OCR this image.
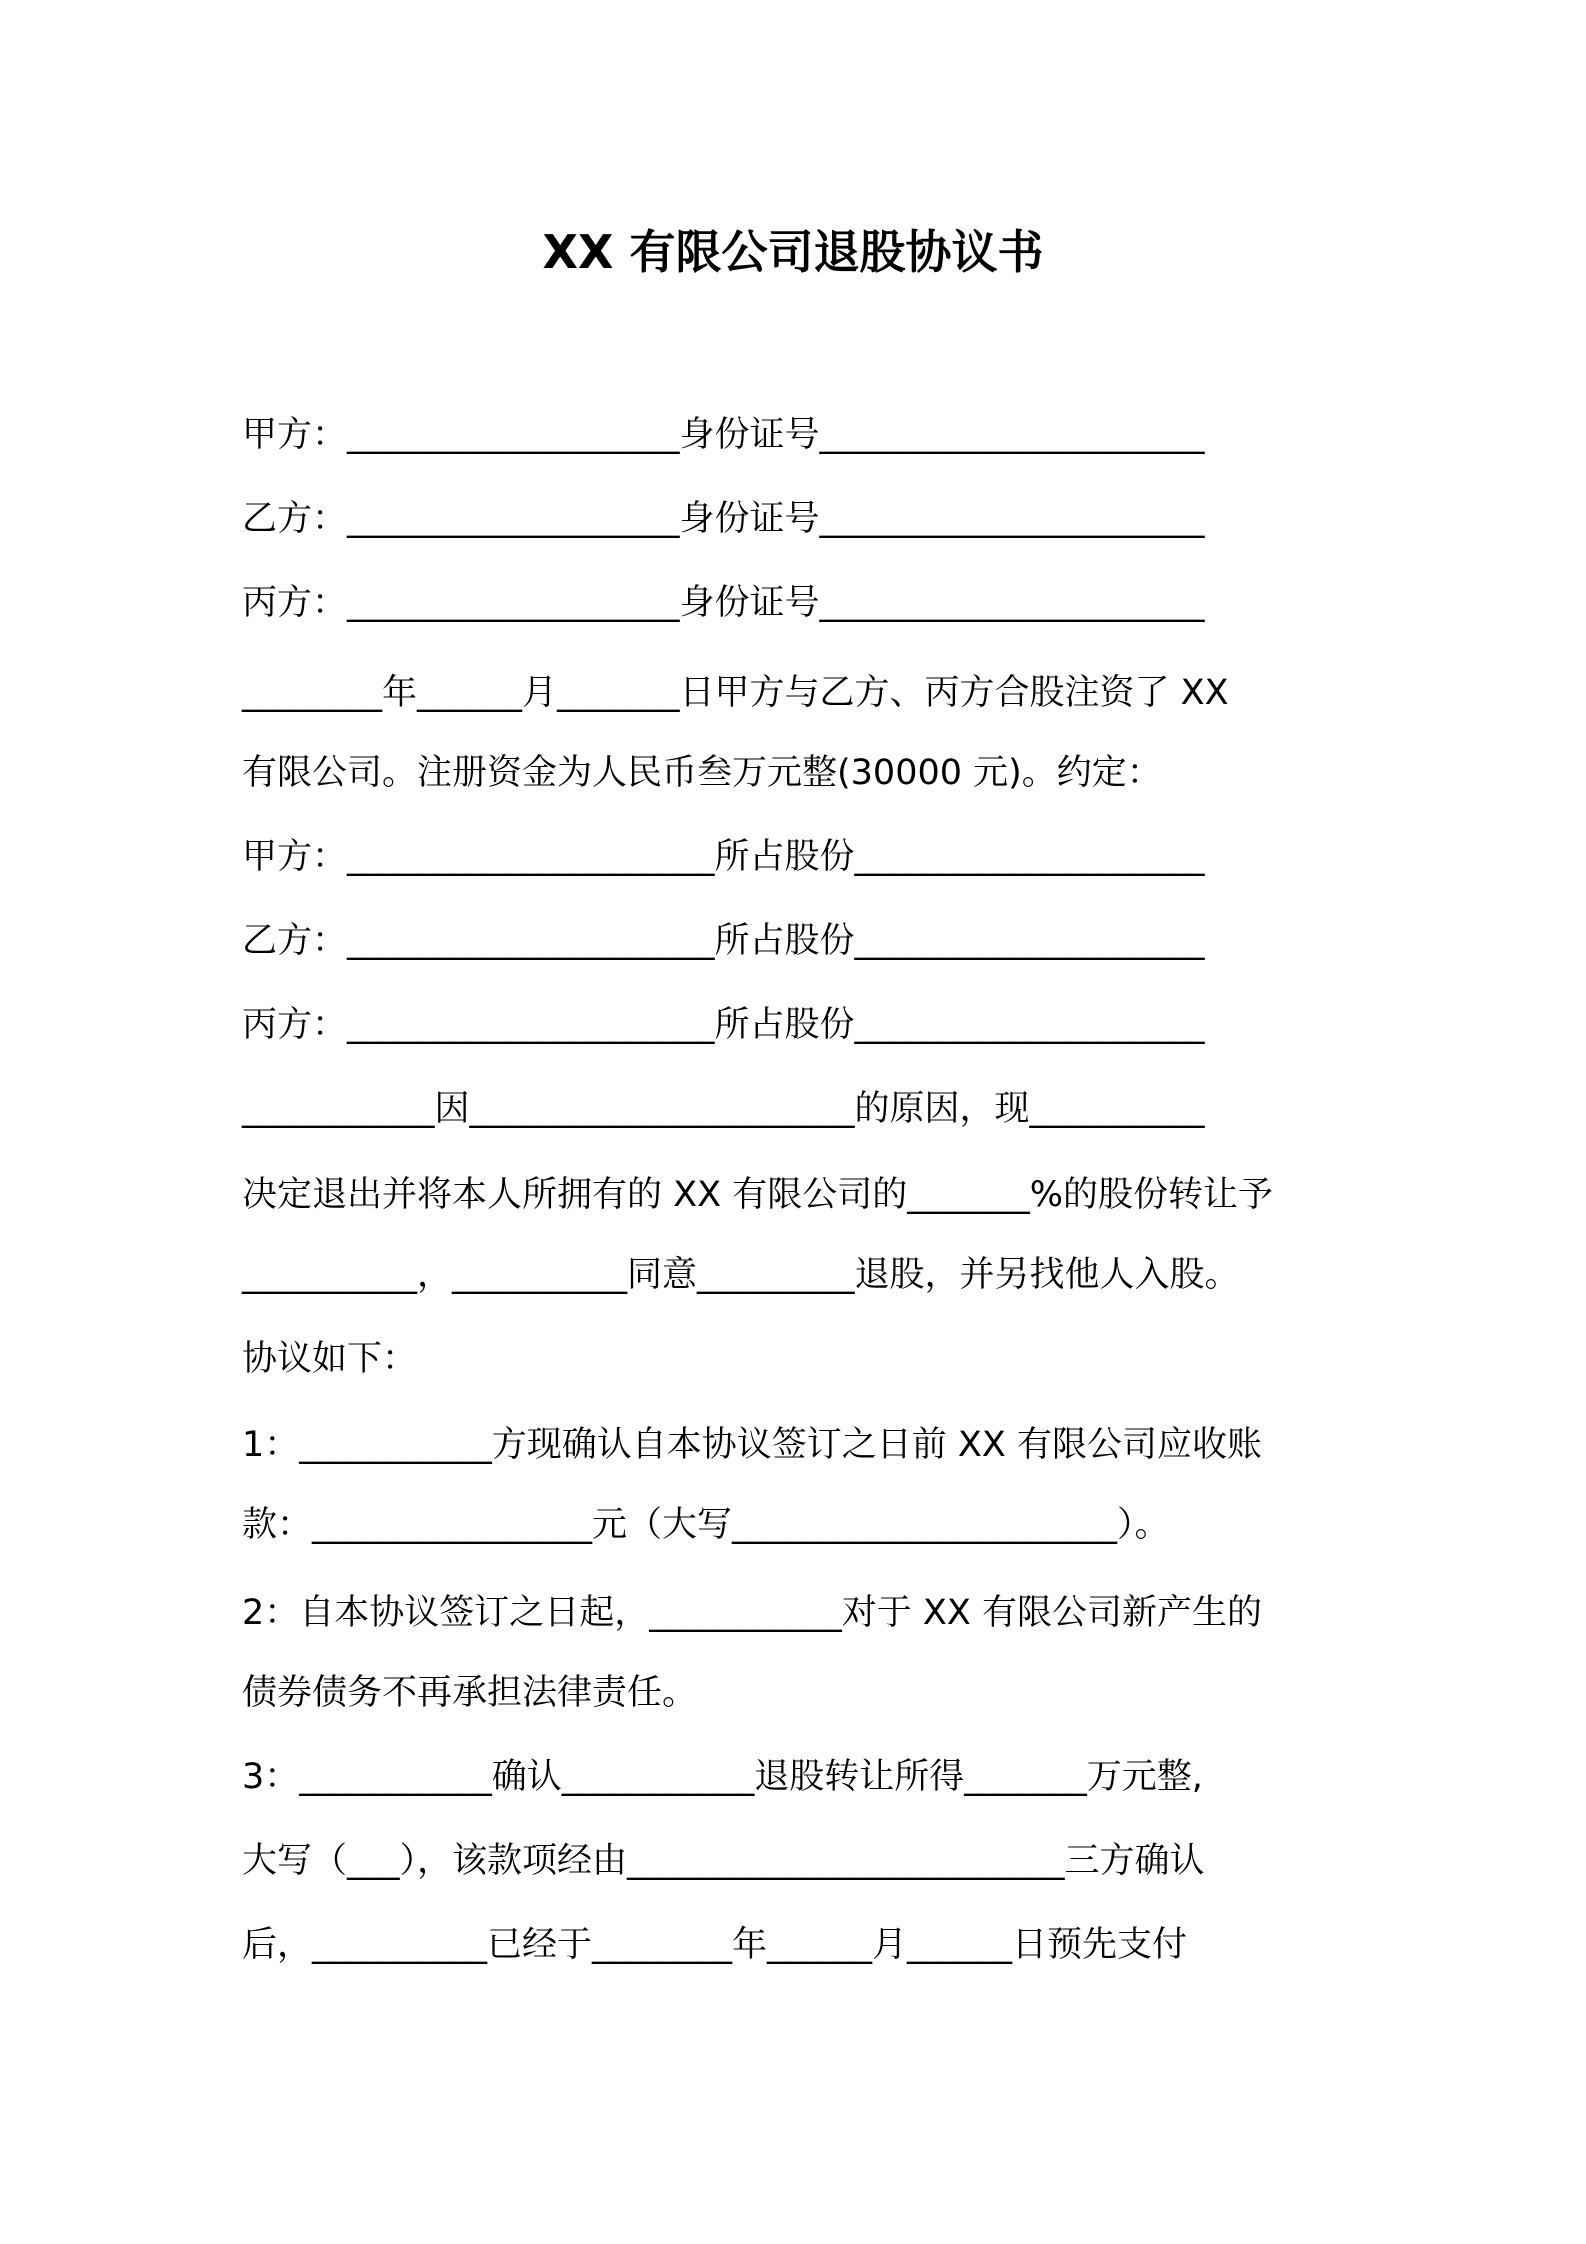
XX 有限公司退股协议书
甲方：___________________身份证号______________________
乙方：___________________身份证号______________________
丙方：___________________身份证号______________________
________年______月_______日甲方与乙方、丙方合股注资了 XX
有限公司。注册资金为人民币叁万元整(30000 元)。约定：
甲方：_____________________所占股份____________________
乙方：_____________________所占股份____________________
丙方：_____________________所占股份____________________
___________因______________________的原因，现__________
决定退出并将本人所拥有的 XX 有限公司的_______%的股份转让予
__________，__________同意_________退股，并另找他人入股。
协议如下：
1：___________方现确认自本协议签订之日前 XX 有限公司应收账
款：________________元（大写______________________）。
2：自本协议签订之日起，___________对于 XX 有限公司新产生的
债券债务不再承担法律责任。
3：___________确认___________退股转让所得_______万元整,
大写（___），该款项经由_________________________三方确认
后，__________已经于________年______月______日预先支付
